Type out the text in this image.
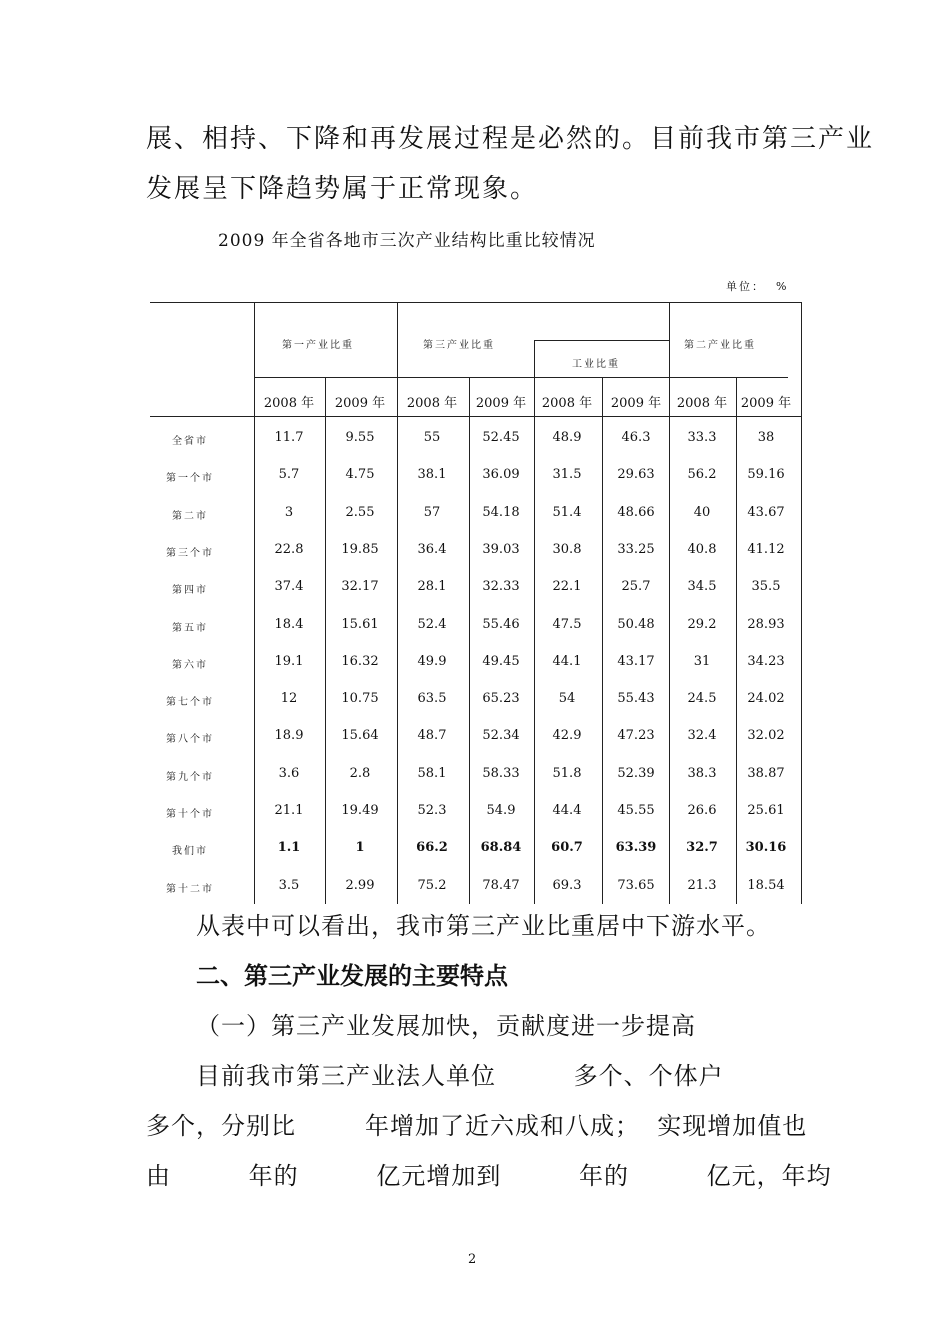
展、相持、下降和再发展过程是必然的。目前我市第三产业
发展呈下降趋势属于正常现象。
2009 年全省各地市三次产业结构比重比较情况
单位：  %
第一产业比重	第三产业比重
工业比重
第二产业比重
2008 年	2009 年	2008 年	2009 年	2008 年	2009 年	2008 年	2009 年
全省市	11.7	9.55	55	52.45	48.9	46.3	33.3	38
第一个市	5.7	4.75	38.1	36.09	31.5	29.63	56.2	59.16
第二市	3	2.55	57	54.18	51.4	48.66	40	43.67
第三个市	22.8	19.85	36.4	39.03	30.8	33.25	40.8	41.12
第四市	37.4	32.17	28.1	32.33	22.1	25.7	34.5	35.5
第五市	18.4	15.61	52.4	55.46	47.5	50.48	29.2	28.93
第六市	19.1	16.32	49.9	49.45	44.1	43.17	31	34.23
第七个市	12	10.75	63.5	65.23	54	55.43	24.5	24.02
第八个市	18.9	15.64	48.7	52.34	42.9	47.23	32.4	32.02
第九个市	3.6	2.8	58.1	58.33	51.8	52.39	38.3	38.87
第十个市	21.1	19.49	52.3	54.9	44.4	45.55	26.6	25.61
我们市	1.1	1	66.2	68.84	60.7	63.39	32.7	30.16
第十二市	3.5	2.99	75.2	78.47	69.3	73.65	21.3	18.54
从表中可以看出，我市第三产业比重居中下游水平。
二、第三产业发展的主要特点
（一）第三产业发展加快，贡献度进一步提高
目前我市第三产业法人单位         多个、个体户
多个，分别比        年增加了近六成和八成；  实现增加值也
由         年的         亿元增加到         年的         亿元，年均
2
